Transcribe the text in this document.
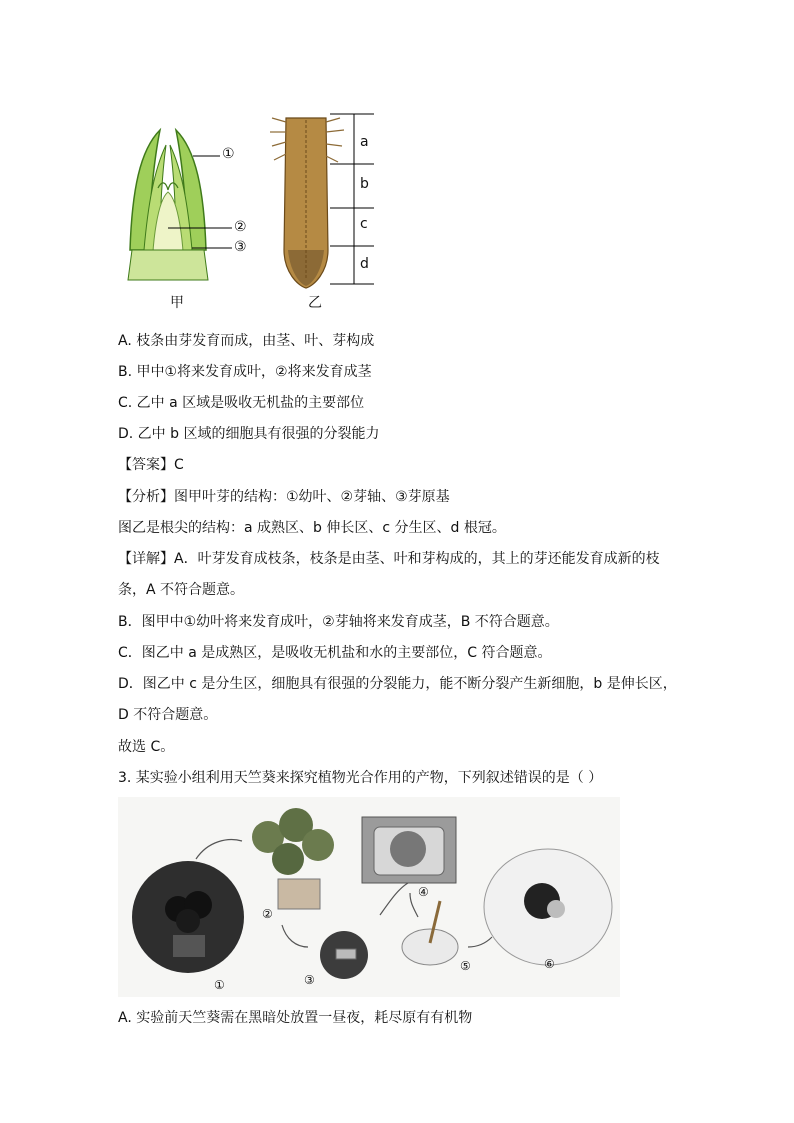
①
②
③
a
b
c
d
甲	乙
A. 枝条由芽发育而成，由茎、叶、芽构成
B. 甲中①将来发育成叶，②将来发育成茎
C. 乙中 a 区域是吸收无机盐的主要部位
D. 乙中 b 区域的细胞具有很强的分裂能力
【答案】C
【分析】图甲叶芽的结构：①幼叶、②芽轴、③芽原基
图乙是根尖的结构：a 成熟区、b 伸长区、c 分生区、d 根冠。
【详解】A．叶芽发育成枝条，枝条是由茎、叶和芽构成的，其上的芽还能发育成新的枝
条，A 不符合题意。
B．图甲中①幼叶将来发育成叶，②芽轴将来发育成茎，B 不符合题意。
C．图乙中 a 是成熟区，是吸收无机盐和水的主要部位，C 符合题意。
D．图乙中 c 是分生区，细胞具有很强的分裂能力，能不断分裂产生新细胞，b 是伸长区，
D 不符合题意。
故选 C。
3. 某实验小组利用天竺葵来探究植物光合作用的产物，下列叙述错误的是（ ）
①
②
③
④
⑤	⑥
A. 实验前天竺葵需在黑暗处放置一昼夜，耗尽原有有机物
